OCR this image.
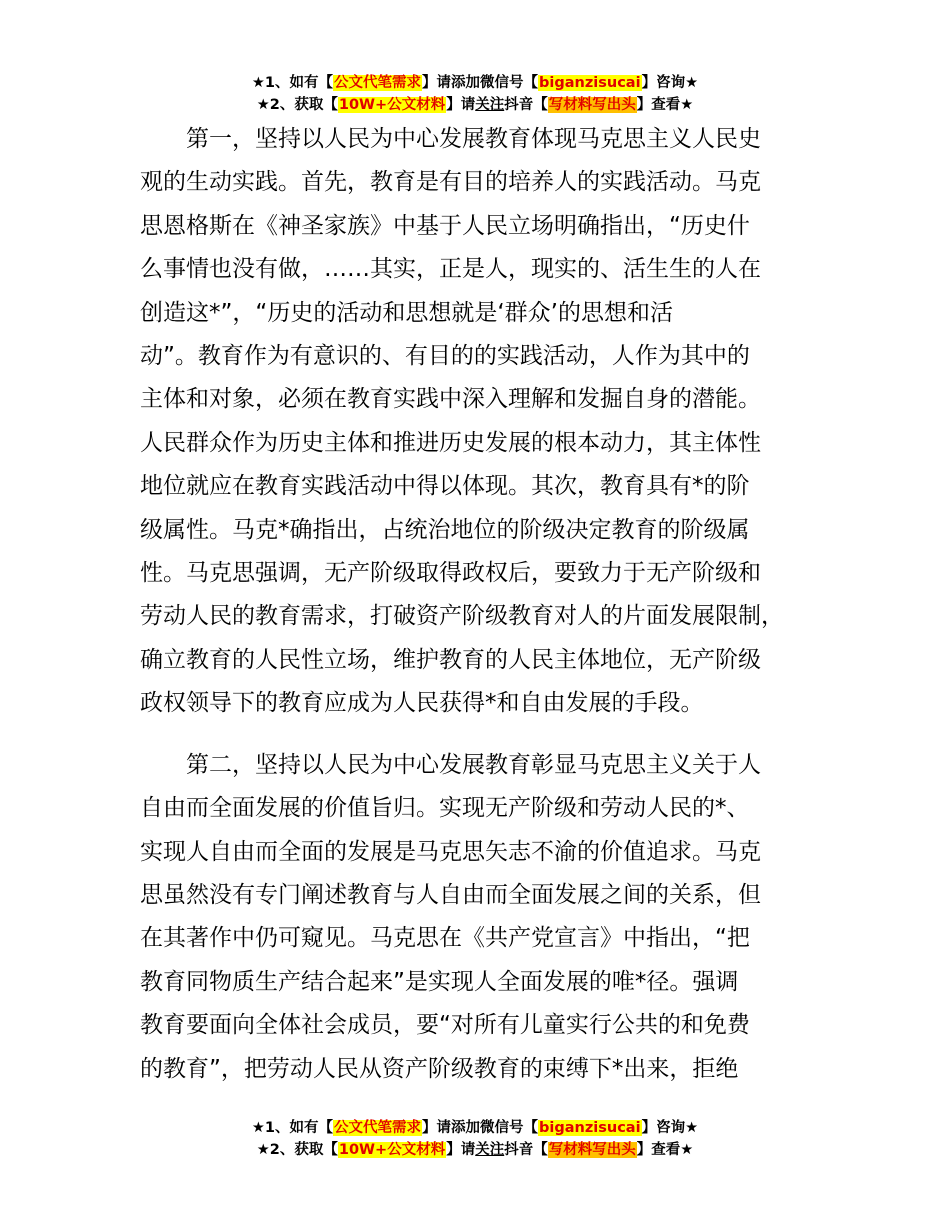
★1、如有【公文代笔需求】请添加微信号【biganzisucai】咨询★
★2、获取【10W+公文材料】请关注抖音【写材料写出头】查看★

第一，坚持以人民为中心发展教育体现马克思主义人民史
观的生动实践。首先，教育是有目的培养人的实践活动。马克
思恩格斯在《神圣家族》中基于人民立场明确指出，“历史什
么事情也没有做，……其实，正是人，现实的、活生生的人在
创造这*”，“历史的活动和思想就是‘群众’的思想和活
动”。教育作为有意识的、有目的的实践活动，人作为其中的
主体和对象，必须在教育实践中深入理解和发掘自身的潜能。
人民群众作为历史主体和推进历史发展的根本动力，其主体性
地位就应在教育实践活动中得以体现。其次，教育具有*的阶
级属性。马克*确指出，占统治地位的阶级决定教育的阶级属
性。马克思强调，无产阶级取得政权后，要致力于无产阶级和
劳动人民的教育需求，打破资产阶级教育对人的片面发展限制，
确立教育的人民性立场，维护教育的人民主体地位，无产阶级
政权领导下的教育应成为人民获得*和自由发展的手段。

第二，坚持以人民为中心发展教育彰显马克思主义关于人
自由而全面发展的价值旨归。实现无产阶级和劳动人民的*、
实现人自由而全面的发展是马克思矢志不渝的价值追求。马克
思虽然没有专门阐述教育与人自由而全面发展之间的关系，但
在其著作中仍可窥见。马克思在《共产党宣言》中指出，“把
教育同物质生产结合起来”是实现人全面发展的唯*径。强调
教育要面向全体社会成员，要“对所有儿童实行公共的和免费
的教育”，把劳动人民从资产阶级教育的束缚下*出来，拒绝

★1、如有【公文代笔需求】请添加微信号【biganzisucai】咨询★
★2、获取【10W+公文材料】请关注抖音【写材料写出头】查看★
